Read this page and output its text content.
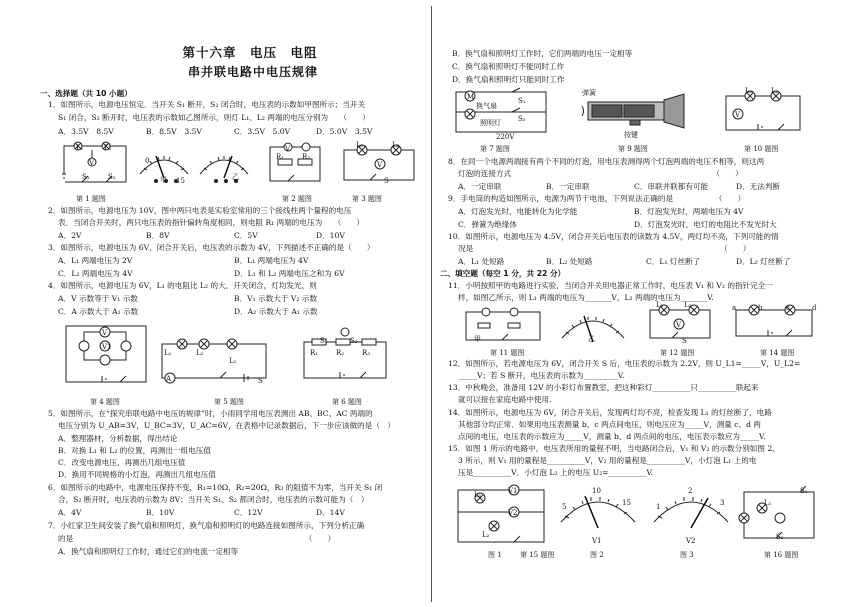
第十六章　电压　电阻
串并联电路中电压规律
一、选择题（共 10 小题）
1．如图所示，电源电压恒定．当开关 S₁ 断开，S₂ 闭合时，电压表的示数如甲图所示；当开关
S₁ 闭合，S₂ 断开时，电压表的示数如乙图所示，则灯 L₁、L₂ 两端的电压分别为　　（　　）
A．3.5V　8.5V	B．8.5V　3.5V	C．3.5V　5.0V	D．5.0V　3.5V
L₁	L₂
V
S₁	S₂	甲	乙
0
15
V
R₁	R₂
L₁	L₂
V
S
第 1 题图	第 2 题图	第 3 题图
2．如图所示，电源电压为 10V，图中两只电表是实验室常用的三个接线柱两个量程的电压
表．当闭合开关时，两只电压表的指针偏转角度相同，则电阻 R₁ 两端的电压为　　（　　）
A．2V	B．8V	C．5V	D．10V
3．如图所示，电源电压为 6V，闭合开关后，电压表的示数为 4V，下列描述不正确的是（　　）
A．L₁ 两端电压为 2V	B．L₁ 两端电压为 4V
C．L₂ 两端电压为 4V	D．L₁ 和 L₂ 两端电压之和为 6V
4．如图所示，电源电压为 6V，L₁ 的电阻比 L₂ 的大，开关闭合，灯均发光，则
A．V 示数等于 V₁ 示数	B．V₁ 示数大于 V₂ 示数
C．A 示数大于 A₁ 示数	D．A₂ 示数大于 A₁ 示数
V
V1
A
L₁	L₂
L₁
S
R₁	R₂	R₃
S₁	S₂
第 4 题图	第 5 题图	第 6 题图
5．如图所示，在“探究串联电路中电压的规律”时，小雨同学用电压表测出 AB、BC、AC 两端的
电压分别为 U_AB=3V，U_BC=3V，U_AC=6V，在表格中记录数据后，下一步应该做的是（　）
A．整理器材，分析数据，得出结论
B．对换 L₁ 和 L₂ 的位置，再测出一组电压值
C．改变电源电压，再测出几组电压值
D．换用不同规格的小灯泡，再测出几组电压值
6．如图所示的电路中，电源电压保持不变，R₁=10Ω，R₂=20Ω，R₃ 的阻值不为零，当开关 S₁ 闭
合，S₂ 断开时，电压表的示数为 8V；当开关 S₁、S₂ 都闭合时，电压表的示数可能为（　）
A．4V	B．10V	C．12V	D．14V
7．小红家卫生间安装了换气扇和照明灯，换气扇和照明灯的电路连接如图所示，下列分析正确
的是　　　　　　　　　　　　　　　　　　　　　　　　　　　　　　　（　　）
A．换气扇和照明灯工作时，通过它们的电流一定相等
B．换气扇和照明灯工作时，它们两端的电压一定相等
C．换气扇和照明灯不能同时工作
D．换气扇和照明灯只能同时工作
M
换气扇
照明灯
S₁
S₂
220V
弹簧
按键
L₁	L₂
V
第 7 题图	第 9 题图	第 10 题图
8．在同一个电源两端接有两个不同的灯泡，用电压表测得两个灯泡两端的电压不相等，则这两
灯泡的连接方式　　　　　　　　　　　　　　　　　　　　　　　　　　　（　　）
A．一定串联	B．一定串联	C．串联并联都有可能	D．无法判断
9．手电筒的构造如图所示，电源为两节干电池，下列说法正确的是　　　　　　（　　）
A．灯泡发光时，电能转化为化学能	B．灯泡发光时，两端电压为 4V
C．弹簧为绝缘体	D．灯泡发光时，电灯的电阻比不发光时大
10．如图所示，电源电压为 4.5V，闭合开关后电压表的读数为 4.5V，两灯均不亮，下列可能的情
况是　　　　　　　　　　　　　　　　　　　　　　　　　　　　　　　　　（　　）
A．L₁ 处短路	B．L₂ 处短路	C．L₁ 灯丝断了	D．L₂ 灯丝断了
二、填空题（每空 1 分，共 22 分）
11．小明按照甲的电路进行实验，当闭合开关用电器正常工作时，电压表 V₁ 和 V₂ 的指针完全一
样，如图乙所示，则 L₁ 两端的电压为_______V，L₂ 两端的电压为_______V.
甲	乙
L₁	L₂
V
S
a	b	c	d
第 11 题图	第 12 题图	第 14 题图
12．如图所示，若电源电压为 6V，闭合开关 S 后，电压表的示数为 2.2V，则 U_L1=_____V，U_L2=
_____V；若 S 断开，电压表的示数为_________V.
13．中秋晚会，准备用 12V 的小彩灯布置教室，把这种彩灯__________只__________联起来
就可以接在家庭电路中使用.
14．如图所示，电源电压为 6V，闭合开关后，发现两灯均不亮，检查发现 L₁ 的灯丝断了，电路
其他部分均正常．如果用电压表测量 b、c 两点间电压，则电压应为_____V，测量 c、d 两
点间的电压，电压表的示数应为_____V，测量 b、d 两点间的电压，电压表示数应为_____V.
15．如图 1 所示的电路中，电压表所用的量程不明，当电路闭合后，V₁ 和 V₂ 的示数分别如图 2、
3 所示，则 V₁ 用的量程是__________V，V₂ 用的量程是__________V，小灯泡 L₁ 上的电
压是__________V．小灯泡 L₂ 上的电压 U₂=__________V.
L₁
L₂
V1
V2
5
10
15
V1
1
2
3
V2
L₁
S₂
S₁
图 1	第 15 题图	图 2	图 3	第 16 题图
